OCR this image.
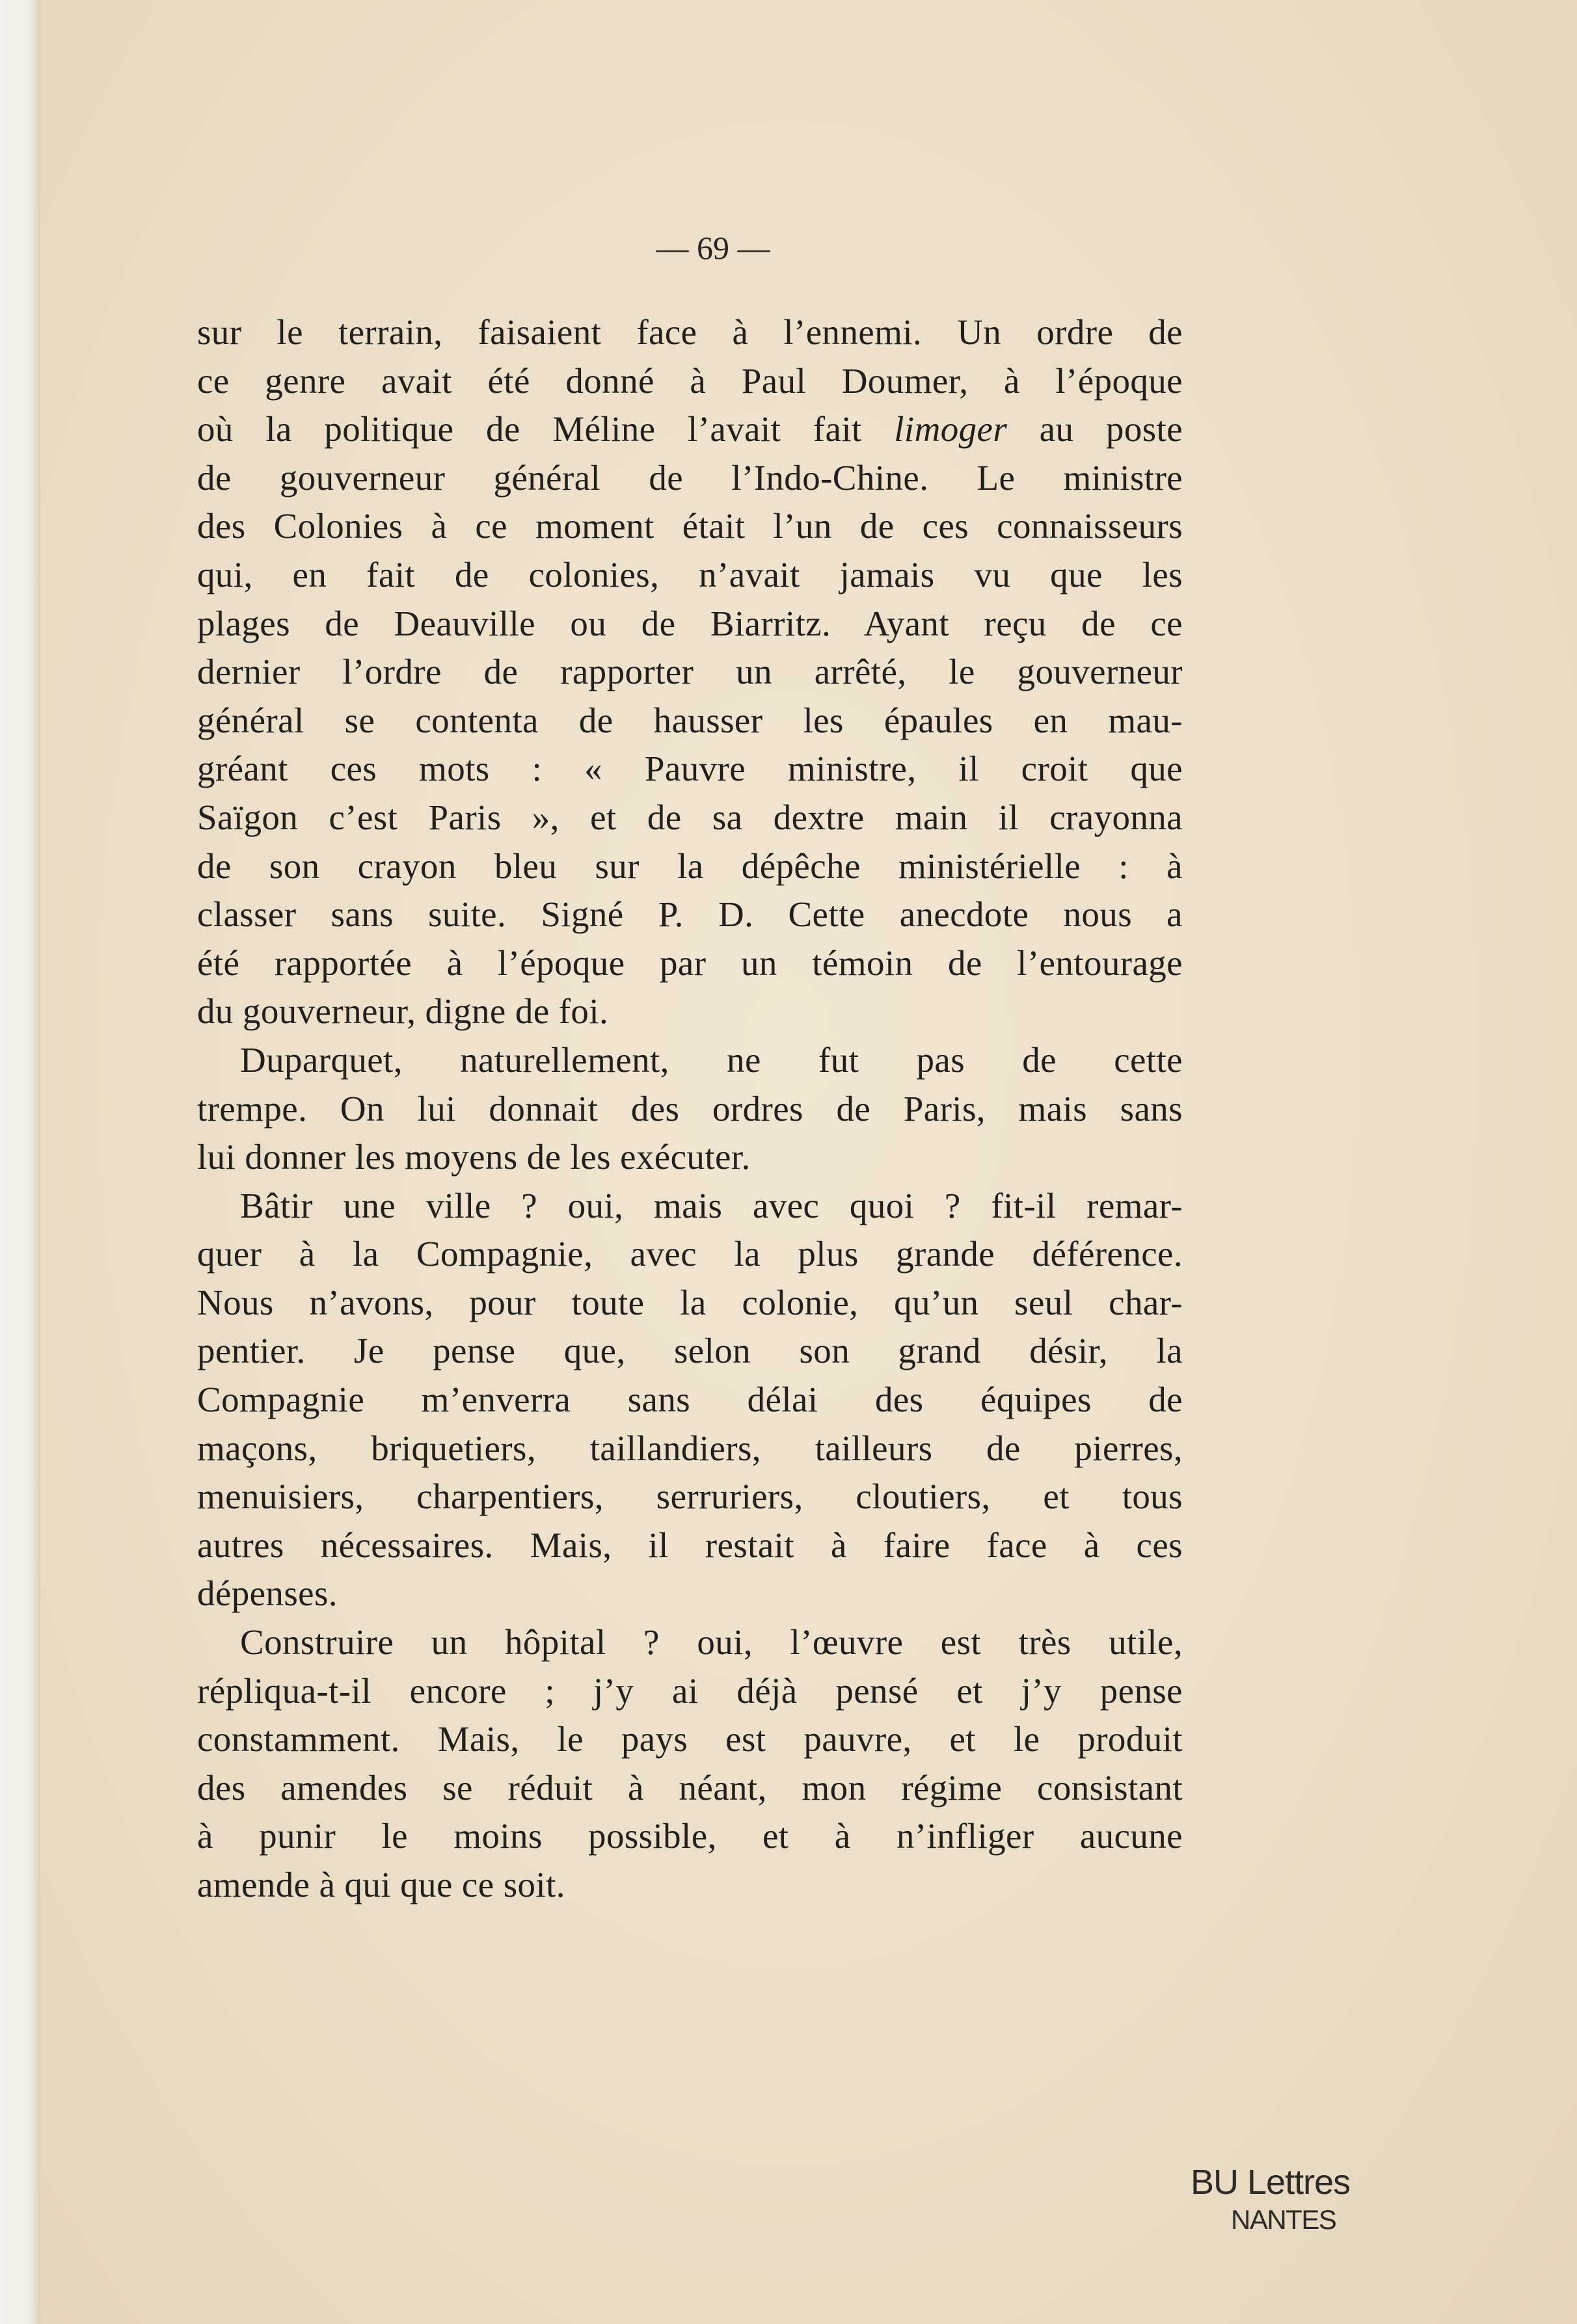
— 69 —
sur le terrain, faisaient face à l’ennemi. Un ordre de
ce genre avait été donné à Paul Doumer, à l’époque
où la politique de Méline l’avait fait limoger au poste
de gouverneur général de l’Indo-Chine. Le ministre
des Colonies à ce moment était l’un de ces connaisseurs
qui, en fait de colonies, n’avait jamais vu que les
plages de Deauville ou de Biarritz. Ayant reçu de ce
dernier l’ordre de rapporter un arrêté, le gouverneur
général se contenta de hausser les épaules en mau-
gréant ces mots : « Pauvre ministre, il croit que
Saïgon c’est Paris », et de sa dextre main il crayonna
de son crayon bleu sur la dépêche ministérielle : à
classer sans suite. Signé P. D. Cette anecdote nous a
été rapportée à l’époque par un témoin de l’entourage
du gouverneur, digne de foi.
Duparquet, naturellement, ne fut pas de cette
trempe. On lui donnait des ordres de Paris, mais sans
lui donner les moyens de les exécuter.
Bâtir une ville ? oui, mais avec quoi ? fit-il remar-
quer à la Compagnie, avec la plus grande déférence.
Nous n’avons, pour toute la colonie, qu’un seul char-
pentier. Je pense que, selon son grand désir, la
Compagnie m’enverra sans délai des équipes de
maçons, briquetiers, taillandiers, tailleurs de pierres,
menuisiers, charpentiers, serruriers, cloutiers, et tous
autres nécessaires. Mais, il restait à faire face à ces
dépenses.
Construire un hôpital ? oui, l’œuvre est très utile,
répliqua-t-il encore ; j’y ai déjà pensé et j’y pense
constamment. Mais, le pays est pauvre, et le produit
des amendes se réduit à néant, mon régime consistant
à punir le moins possible, et à n’infliger aucune
amende à qui que ce soit.
BU Lettres
NANTES
